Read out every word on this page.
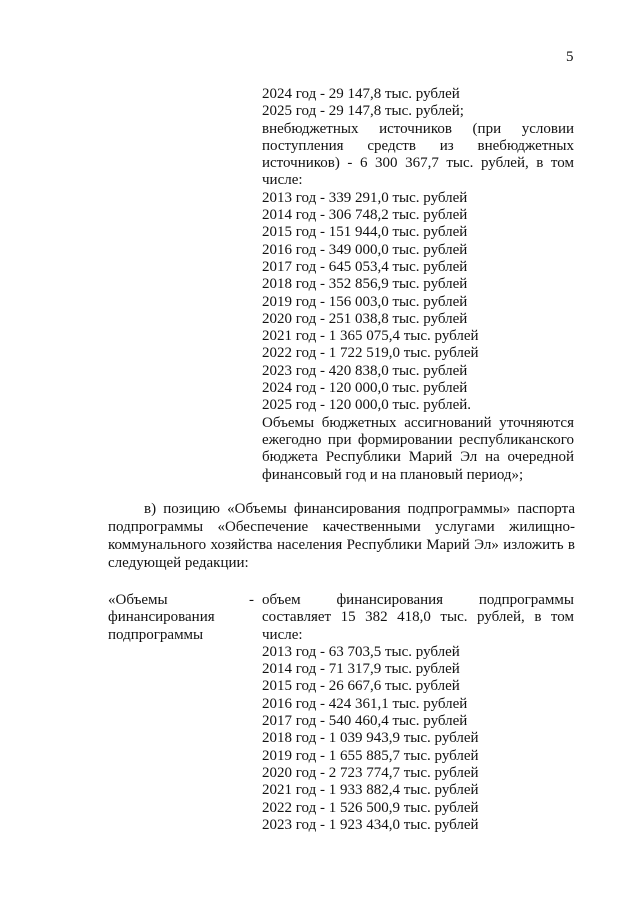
5
2024 год - 29 147,8 тыс. рублей
2025 год - 29 147,8 тыс. рублей;
внебюджетных источников (при условии поступления средств из внебюджетных источников) - 6 300 367,7 тыс. рублей, в том числе:
2013 год - 339 291,0 тыс. рублей
2014 год - 306 748,2 тыс. рублей
2015 год - 151 944,0 тыс. рублей
2016 год - 349 000,0 тыс. рублей
2017 год - 645 053,4 тыс. рублей
2018 год - 352 856,9 тыс. рублей
2019 год - 156 003,0 тыс. рублей
2020 год - 251 038,8 тыс. рублей
2021 год - 1 365 075,4 тыс. рублей
2022 год - 1 722 519,0 тыс. рублей
2023 год - 420 838,0 тыс. рублей
2024 год - 120 000,0 тыс. рублей
2025 год - 120 000,0 тыс. рублей.
Объемы бюджетных ассигнований уточняются ежегодно при формировании республиканского бюджета Республики Марий Эл на очередной финансовый год и на плановый период»;
в) позицию «Объемы финансирования подпрограммы» паспорта подпрограммы «Обеспечение качественными услугами жилищно-коммунального хозяйства населения Республики Марий Эл» изложить в следующей редакции:
«Объемы финансирования подпрограммы
- объем финансирования подпрограммы составляет 15 382 418,0 тыс. рублей, в том числе:
2013 год - 63 703,5 тыс. рублей
2014 год - 71 317,9 тыс. рублей
2015 год - 26 667,6 тыс. рублей
2016 год - 424 361,1 тыс. рублей
2017 год - 540 460,4 тыс. рублей
2018 год - 1 039 943,9 тыс. рублей
2019 год - 1 655 885,7 тыс. рублей
2020 год - 2 723 774,7 тыс. рублей
2021 год - 1 933 882,4 тыс. рублей
2022 год - 1 526 500,9 тыс. рублей
2023 год - 1 923 434,0 тыс. рублей
